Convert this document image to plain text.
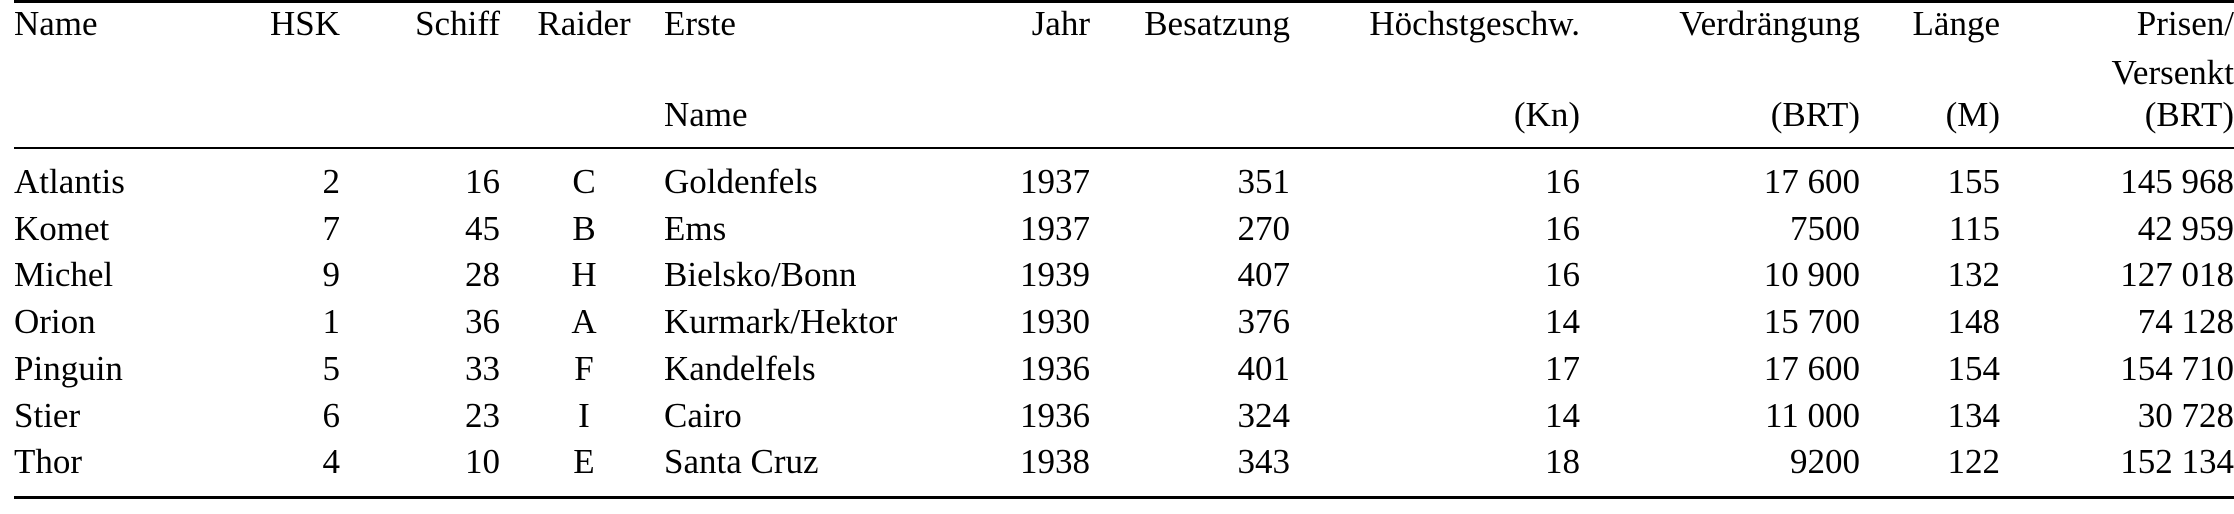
Name	HSK	Schiff	Raider	Erste	Jahr	Besatzung	Höchstgeschw.	Verdrängung	Länge	Prisen/
				Name			(Kn)	(BRT)	(M)	Versenkt
(BRT)

Atlantis	2	16	C	Goldenfels	1937	351	16	17 600	155	145 968
Komet	7	45	B	Ems	1937	270	16	7500	115	42 959
Michel	9	28	H	Bielsko/Bonn	1939	407	16	10 900	132	127 018
Orion	1	36	A	Kurmark/Hektor	1930	376	14	15 700	148	74 128
Pinguin	5	33	F	Kandelfels	1936	401	17	17 600	154	154 710
Stier	6	23	I	Cairo	1936	324	14	11 000	134	30 728
Thor	4	10	E	Santa Cruz	1938	343	18	9200	122	152 134
